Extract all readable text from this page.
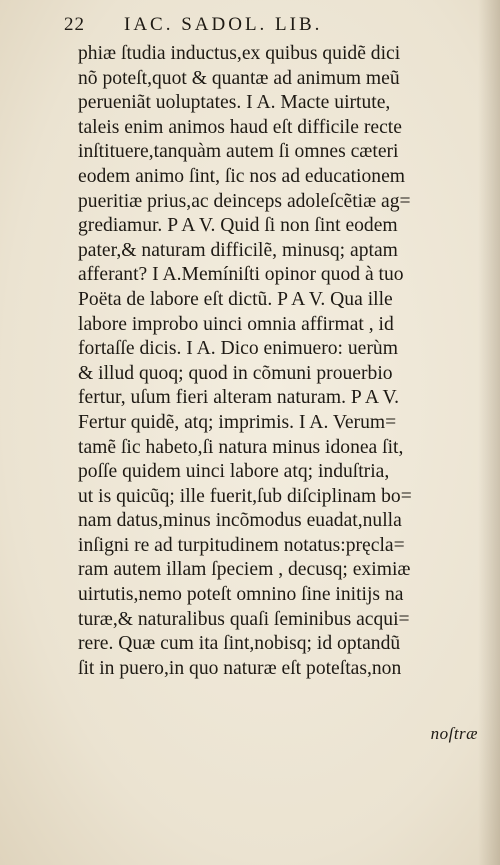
22 IAC. SADOL. LIB.
phiæ ſtudia inductus,ex quibus quidẽ dici
nõ poteſt,quot & quantæ ad animum meũ
perueniãt uoluptates. I A. Macte uirtute,
taleis enim animos haud eſt difficile recte
inſtituere,tanquàm autem ſi omnes cæteri
eodem animo ſint, ſic nos ad educationem
pueritiæ prius,ac deinceps adoleſcẽtiæ ag=
grediamur. P A V. Quid ſi non ſint eodem
pater,& naturam difficilẽ, minusq; aptam
afferant? I A.Memíniſti opinor quod à tuo
Poëta de labore eſt dictũ. P A V. Qua ille
labore improbo uinci omnia affirmat , id
fortaſſe dicis. I A. Dico enimuero: uerùm
& illud quoq; quod in cõmuni prouerbio
fertur, uſum fieri alteram naturam. P A V.
Fertur quidẽ, atq; imprimis. I A. Verum=
tamẽ ſic habeto,ſi natura minus idonea ſit,
poſſe quidem uinci labore atq; induſtria,
ut is quicũq; ille fuerit,ſub diſciplinam bo=
nam datus,minus incõmodus euadat,nulla
inſigni re ad turpitudinem notatus:pręcla=
ram autem illam ſpeciem , decusq; eximiæ
uirtutis,nemo poteſt omnino ſine initijs na
turæ,& naturalibus quaſi ſeminibus acqui=
rere. Quæ cum ita ſint,nobisq; id optandũ
ſit in puero,in quo naturæ eſt poteſtas,non
noſtræ
